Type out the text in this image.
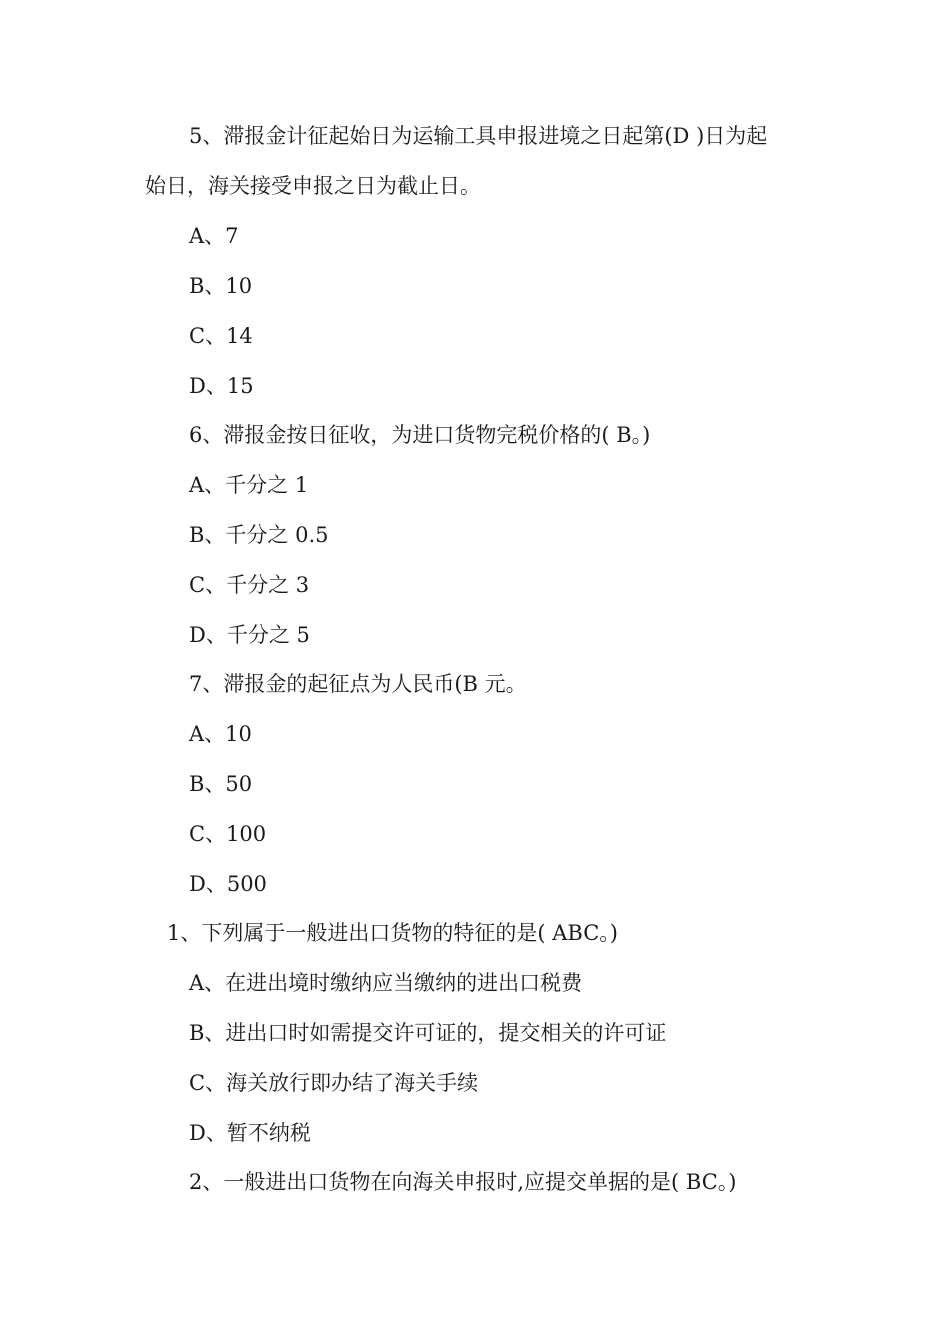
5、滞报金计征起始日为运输工具申报进境之日起第(D )日为起

始日，海关接受申报之日为截止日。

A、7

B、10

C、14

D、15

6、滞报金按日征收，为进口货物完税价格的( B。)

A、千分之 1

B、千分之 0.5

C、千分之 3

D、千分之 5

7、滞报金的起征点为人民币(B 元。

A、10

B、50

C、100

D、500

1、下列属于一般进出口货物的特征的是( ABC。)

A、在进出境时缴纳应当缴纳的进出口税费

B、进出口时如需提交许可证的，提交相关的许可证

C、海关放行即办结了海关手续

D、暂不纳税

2、一般进出口货物在向海关申报时,应提交单据的是( BC。)
